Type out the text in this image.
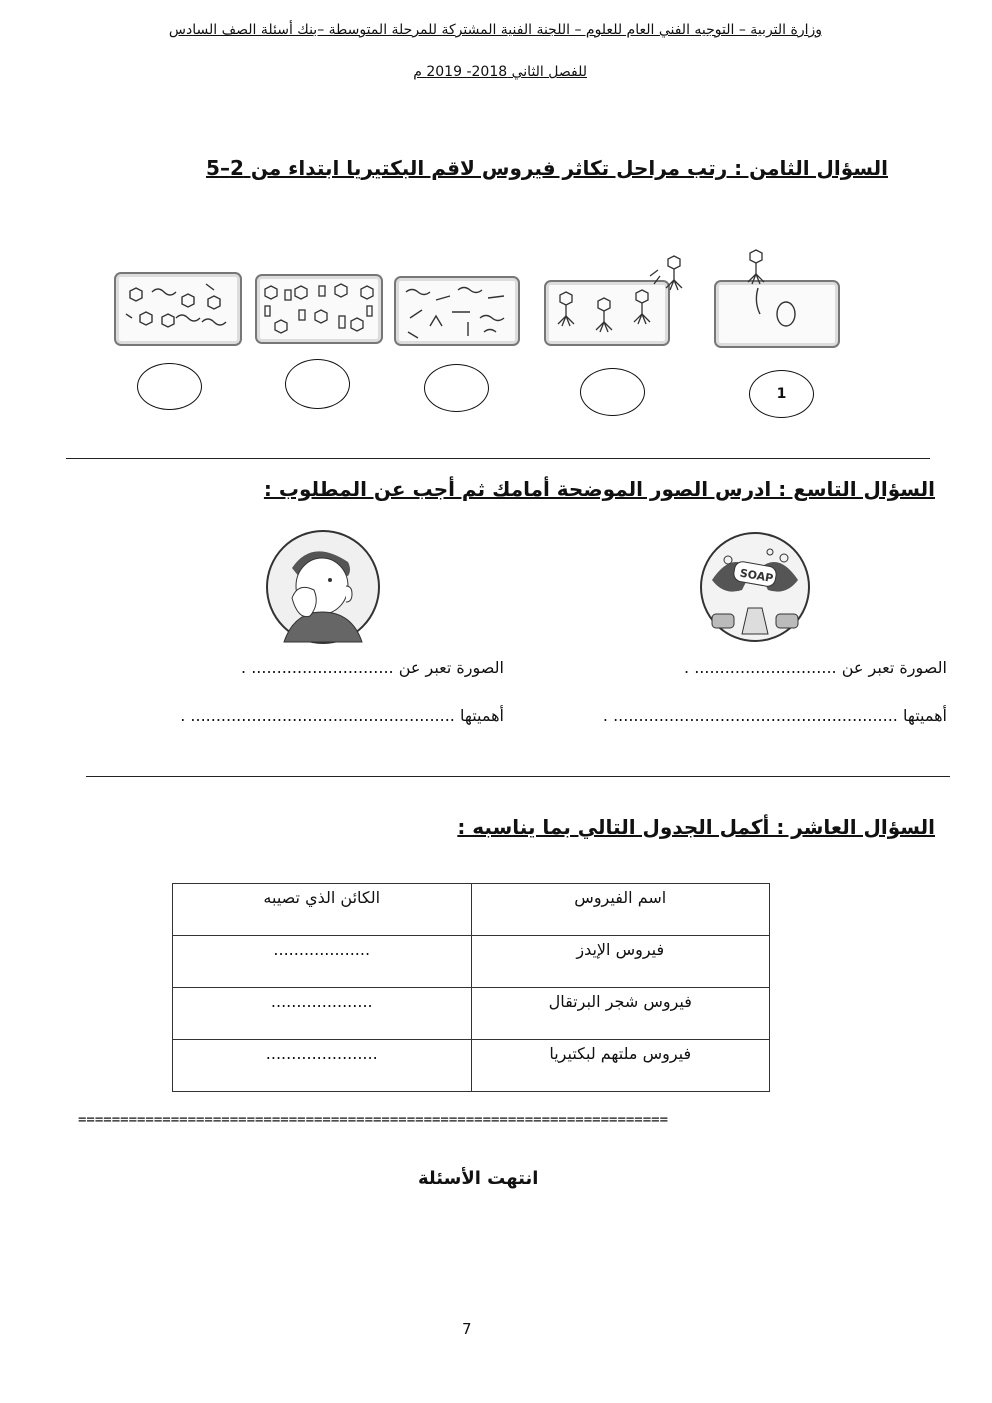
وزارة التربية – التوجيه الفني العام للعلوم – اللجنة الفنية المشتركة للمرحلة المتوسطة –بنك أسئلة الصف السادس
للفصل الثاني 2018- 2019 م
السؤال الثامن : رتب مراحل تكاثر فيروس لاقم البكتيريا ابتداء من 2–5
1
السؤال التاسع : ادرس الصور الموضحة أمامك ثم أجب عن المطلوب :
SOAP
الصورة تعبر عن ............................ .
الصورة تعبر عن ............................ .
أهميتها ........................................................ .
أهميتها .................................................... .
السؤال العاشر : أكمل الجدول التالي بما يناسبه :
اسم الفيروس	الكائن الذي تصيبه
فيروس الإيدز	...................
فيروس شجر البرتقال	....................
فيروس ملتهم لبكتيريا	......................
======================================================================
انتهت الأسئلة
7
